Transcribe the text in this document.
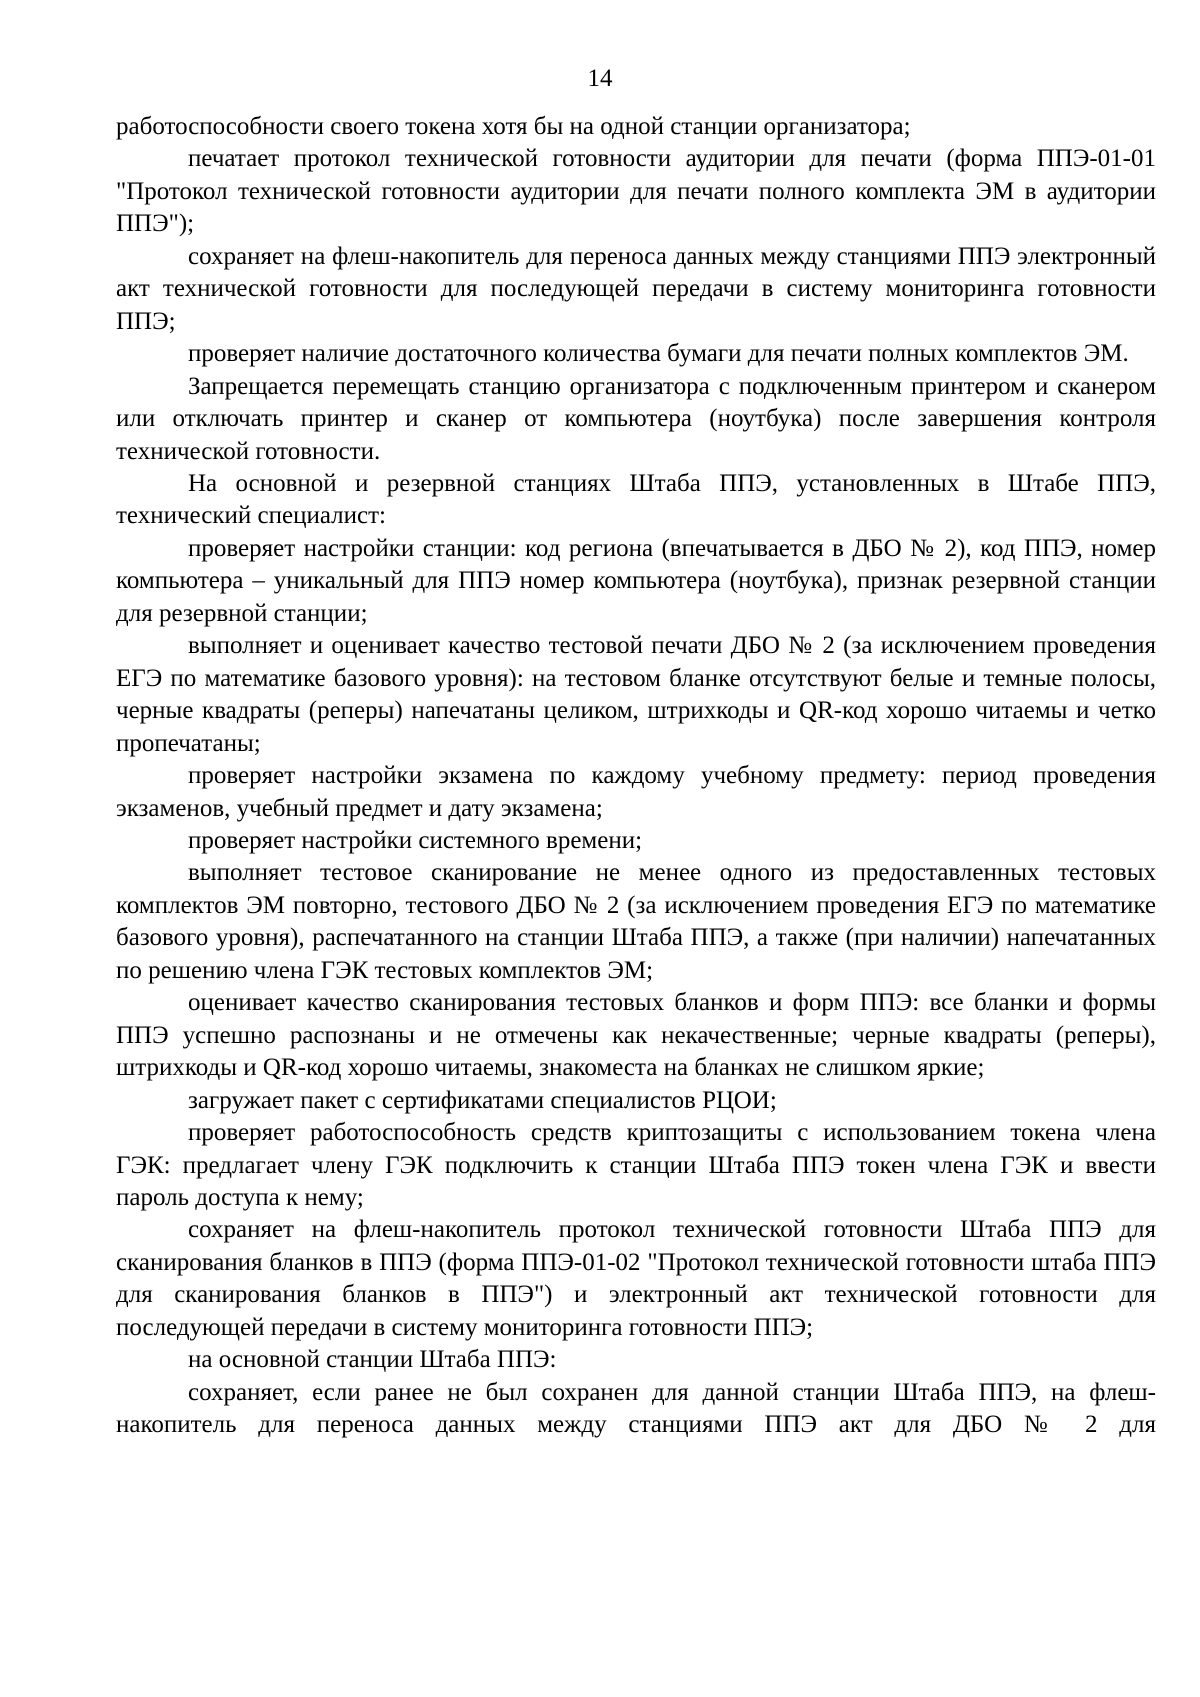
14

работоспособности своего токена хотя бы на одной станции организатора;

печатает протокол технической готовности аудитории для печати (форма ППЭ-01-01 "Протокол технической готовности аудитории для печати полного комплекта ЭМ в аудитории ППЭ");

сохраняет на флеш-накопитель для переноса данных между станциями ППЭ электронный акт технической готовности для последующей передачи в систему мониторинга готовности ППЭ;

проверяет наличие достаточного количества бумаги для печати полных комплектов ЭМ.

Запрещается перемещать станцию организатора с подключенным принтером и сканером или отключать принтер и сканер от компьютера (ноутбука) после завершения контроля технической готовности.

На основной и резервной станциях Штаба ППЭ, установленных в Штабе ППЭ, технический специалист:

проверяет настройки станции: код региона (впечатывается в ДБО № 2), код ППЭ, номер компьютера – уникальный для ППЭ номер компьютера (ноутбука), признак резервной станции для резервной станции;

выполняет и оценивает качество тестовой печати ДБО № 2 (за исключением проведения ЕГЭ по математике базового уровня): на тестовом бланке отсутствуют белые и темные полосы, черные квадраты (реперы) напечатаны целиком, штрихкоды и QR-код хорошо читаемы и четко пропечатаны;

проверяет настройки экзамена по каждому учебному предмету: период проведения экзаменов, учебный предмет и дату экзамена;

проверяет настройки системного времени;

выполняет тестовое сканирование не менее одного из предоставленных тестовых комплектов ЭМ повторно, тестового ДБО № 2 (за исключением проведения ЕГЭ по математике базового уровня), распечатанного на станции Штаба ППЭ, а также (при наличии) напечатанных по решению члена ГЭК тестовых комплектов ЭМ;

оценивает качество сканирования тестовых бланков и форм ППЭ: все бланки и формы ППЭ успешно распознаны и не отмечены как некачественные; черные квадраты (реперы), штрихкоды и QR-код хорошо читаемы, знакоместа на бланках не слишком яркие;

загружает пакет с сертификатами специалистов РЦОИ;

проверяет работоспособность средств криптозащиты с использованием токена члена ГЭК: предлагает члену ГЭК подключить к станции Штаба ППЭ токен члена ГЭК и ввести пароль доступа к нему;

сохраняет на флеш-накопитель протокол технической готовности Штаба ППЭ для сканирования бланков в ППЭ (форма ППЭ-01-02 "Протокол технической готовности штаба ППЭ для сканирования бланков в ППЭ") и электронный акт технической готовности для последующей передачи в систему мониторинга готовности ППЭ;

на основной станции Штаба ППЭ:

сохраняет, если ранее не был сохранен для данной станции Штаба ППЭ, на флеш-накопитель для переноса данных между станциями ППЭ акт для ДБО № 2 для
